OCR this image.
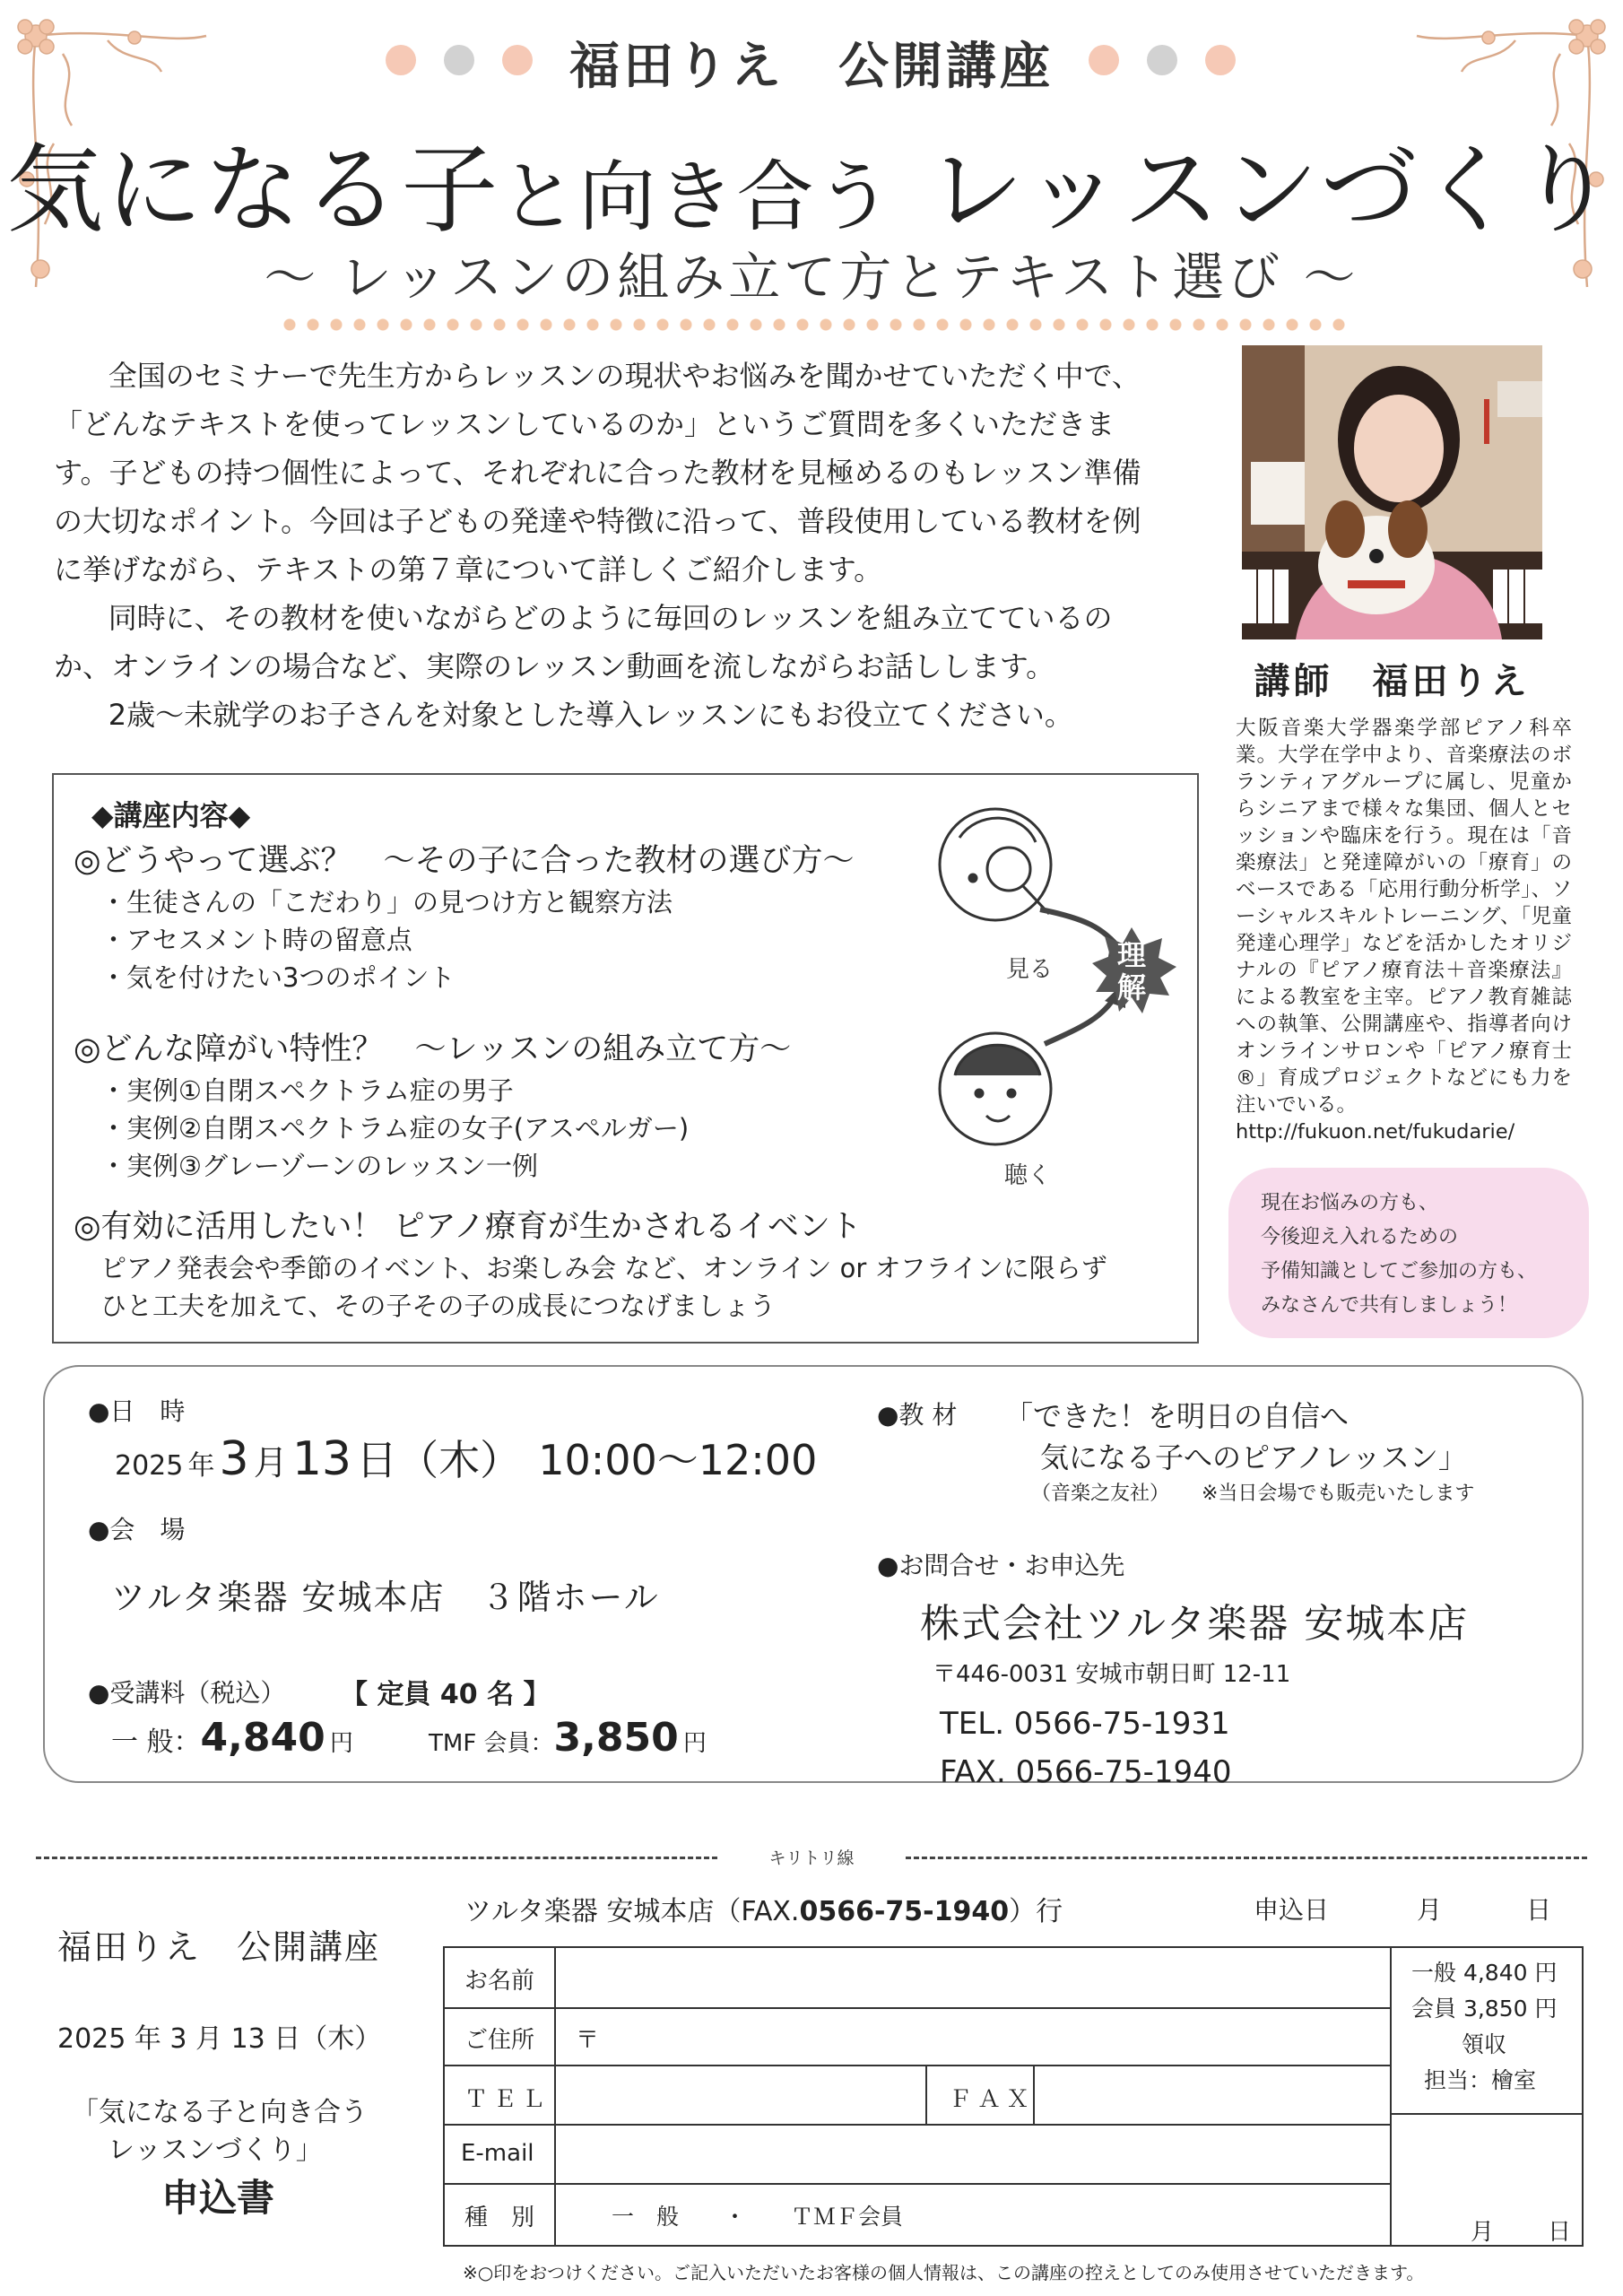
福田りえ　公開講座
気になる子と向き合う レッスンづくり
～ レッスンの組み立て方とテキスト選び ～

全国のセミナーで先生方からレッスンの現状やお悩みを聞かせていただく中で、「どんなテキストを使ってレッスンしているのか」というご質問を多くいただきます。子どもの持つ個性によって、それぞれに合った教材を見極めるのもレッスン準備の大切なポイント。今回は子どもの発達や特徴に沿って、普段使用している教材を例に挙げながら、テキストの第７章について詳しくご紹介します。

同時に、その教材を使いながらどのように毎回のレッスンを組み立てているのか、オンラインの場合など、実際のレッスン動画を流しながらお話しします。

2歳～未就学のお子さんを対象とした導入レッスンにもお役立てください。

講師　福田りえ
大阪音楽大学器楽学部ピアノ科卒業。大学在学中より、音楽療法のボランティアグループに属し、児童からシニアまで様々な集団、個人とセッションや臨床を行う。現在は「音楽療法」と発達障がいの「療育」のベースである「応用行動分析学」、ソーシャルスキルトレーニング、「児童発達心理学」などを活かしたオリジナルの『ピアノ療育法＋音楽療法』による教室を主宰。ピアノ教育雑誌への執筆、公開講座や、指導者向けオンラインサロンや「ピアノ療育士®」育成プロジェクトなどにも力を注いでいる。
http://fukuon.net/fukudarie/
◆講座内容◆
◎どうやって選ぶ？　～その子に合った教材の選び方～
・生徒さんの「こだわり」の見つけ方と観察方法
・アセスメント時の留意点
・気を付けたい3つのポイント
◎どんな障がい特性？　～レッスンの組み立て方～
・実例①自閉スペクトラム症の男子
・実例②自閉スペクトラム症の女子(アスペルガー)
・実例③グレーゾーンのレッスン一例
◎有効に活用したい！ ピアノ療育が生かされるイベント
ピアノ発表会や季節のイベント、お楽しみ会 など、オンライン or オフラインに限らず
ひと工夫を加えて、その子その子の成長につなげましょう
理
解
見る
聴く
現在お悩みの方も、
今後迎え入れるための
予備知識としてご参加の方も、
みなさんで共有しましょう！
●日　時
2025 年 3 月 13 日（木） 10:00～12:00
●会　場
ツルタ楽器 安城本店　３階ホール
●受講料（税込） 【 定員 40 名 】
一 般：4,840 円	TMF 会員：3,850 円
●教 材 「できた！を明日の自信へ
気になる子へのピアノレッスン」
（音楽之友社） ※当日会場でも販売いたします
●お問合せ・お申込先
株式会社ツルタ楽器 安城本店
〒446-0031 安城市朝日町 12-11
TEL. 0566-75-1931
FAX. 0566-75-1940
キリトリ線
福田りえ　公開講座
2025 年 3 月 13 日（木）
「気になる子と向き合う
レッスンづくり」
申込書
ツルタ楽器 安城本店（FAX.0566-75-1940）行	申込日	月	日
お名前
ご住所 〒
ＴＥＬ	ＦＡＸ
E-mail
種　別	一　般　　・　　ＴＭＦ会員
一般 4,840 円
会員 3,850 円
領収
担当：檜室
月 日
※○印をおつけください。ご記入いただいたお客様の個人情報は、この講座の控えとしてのみ使用させていただきます。
